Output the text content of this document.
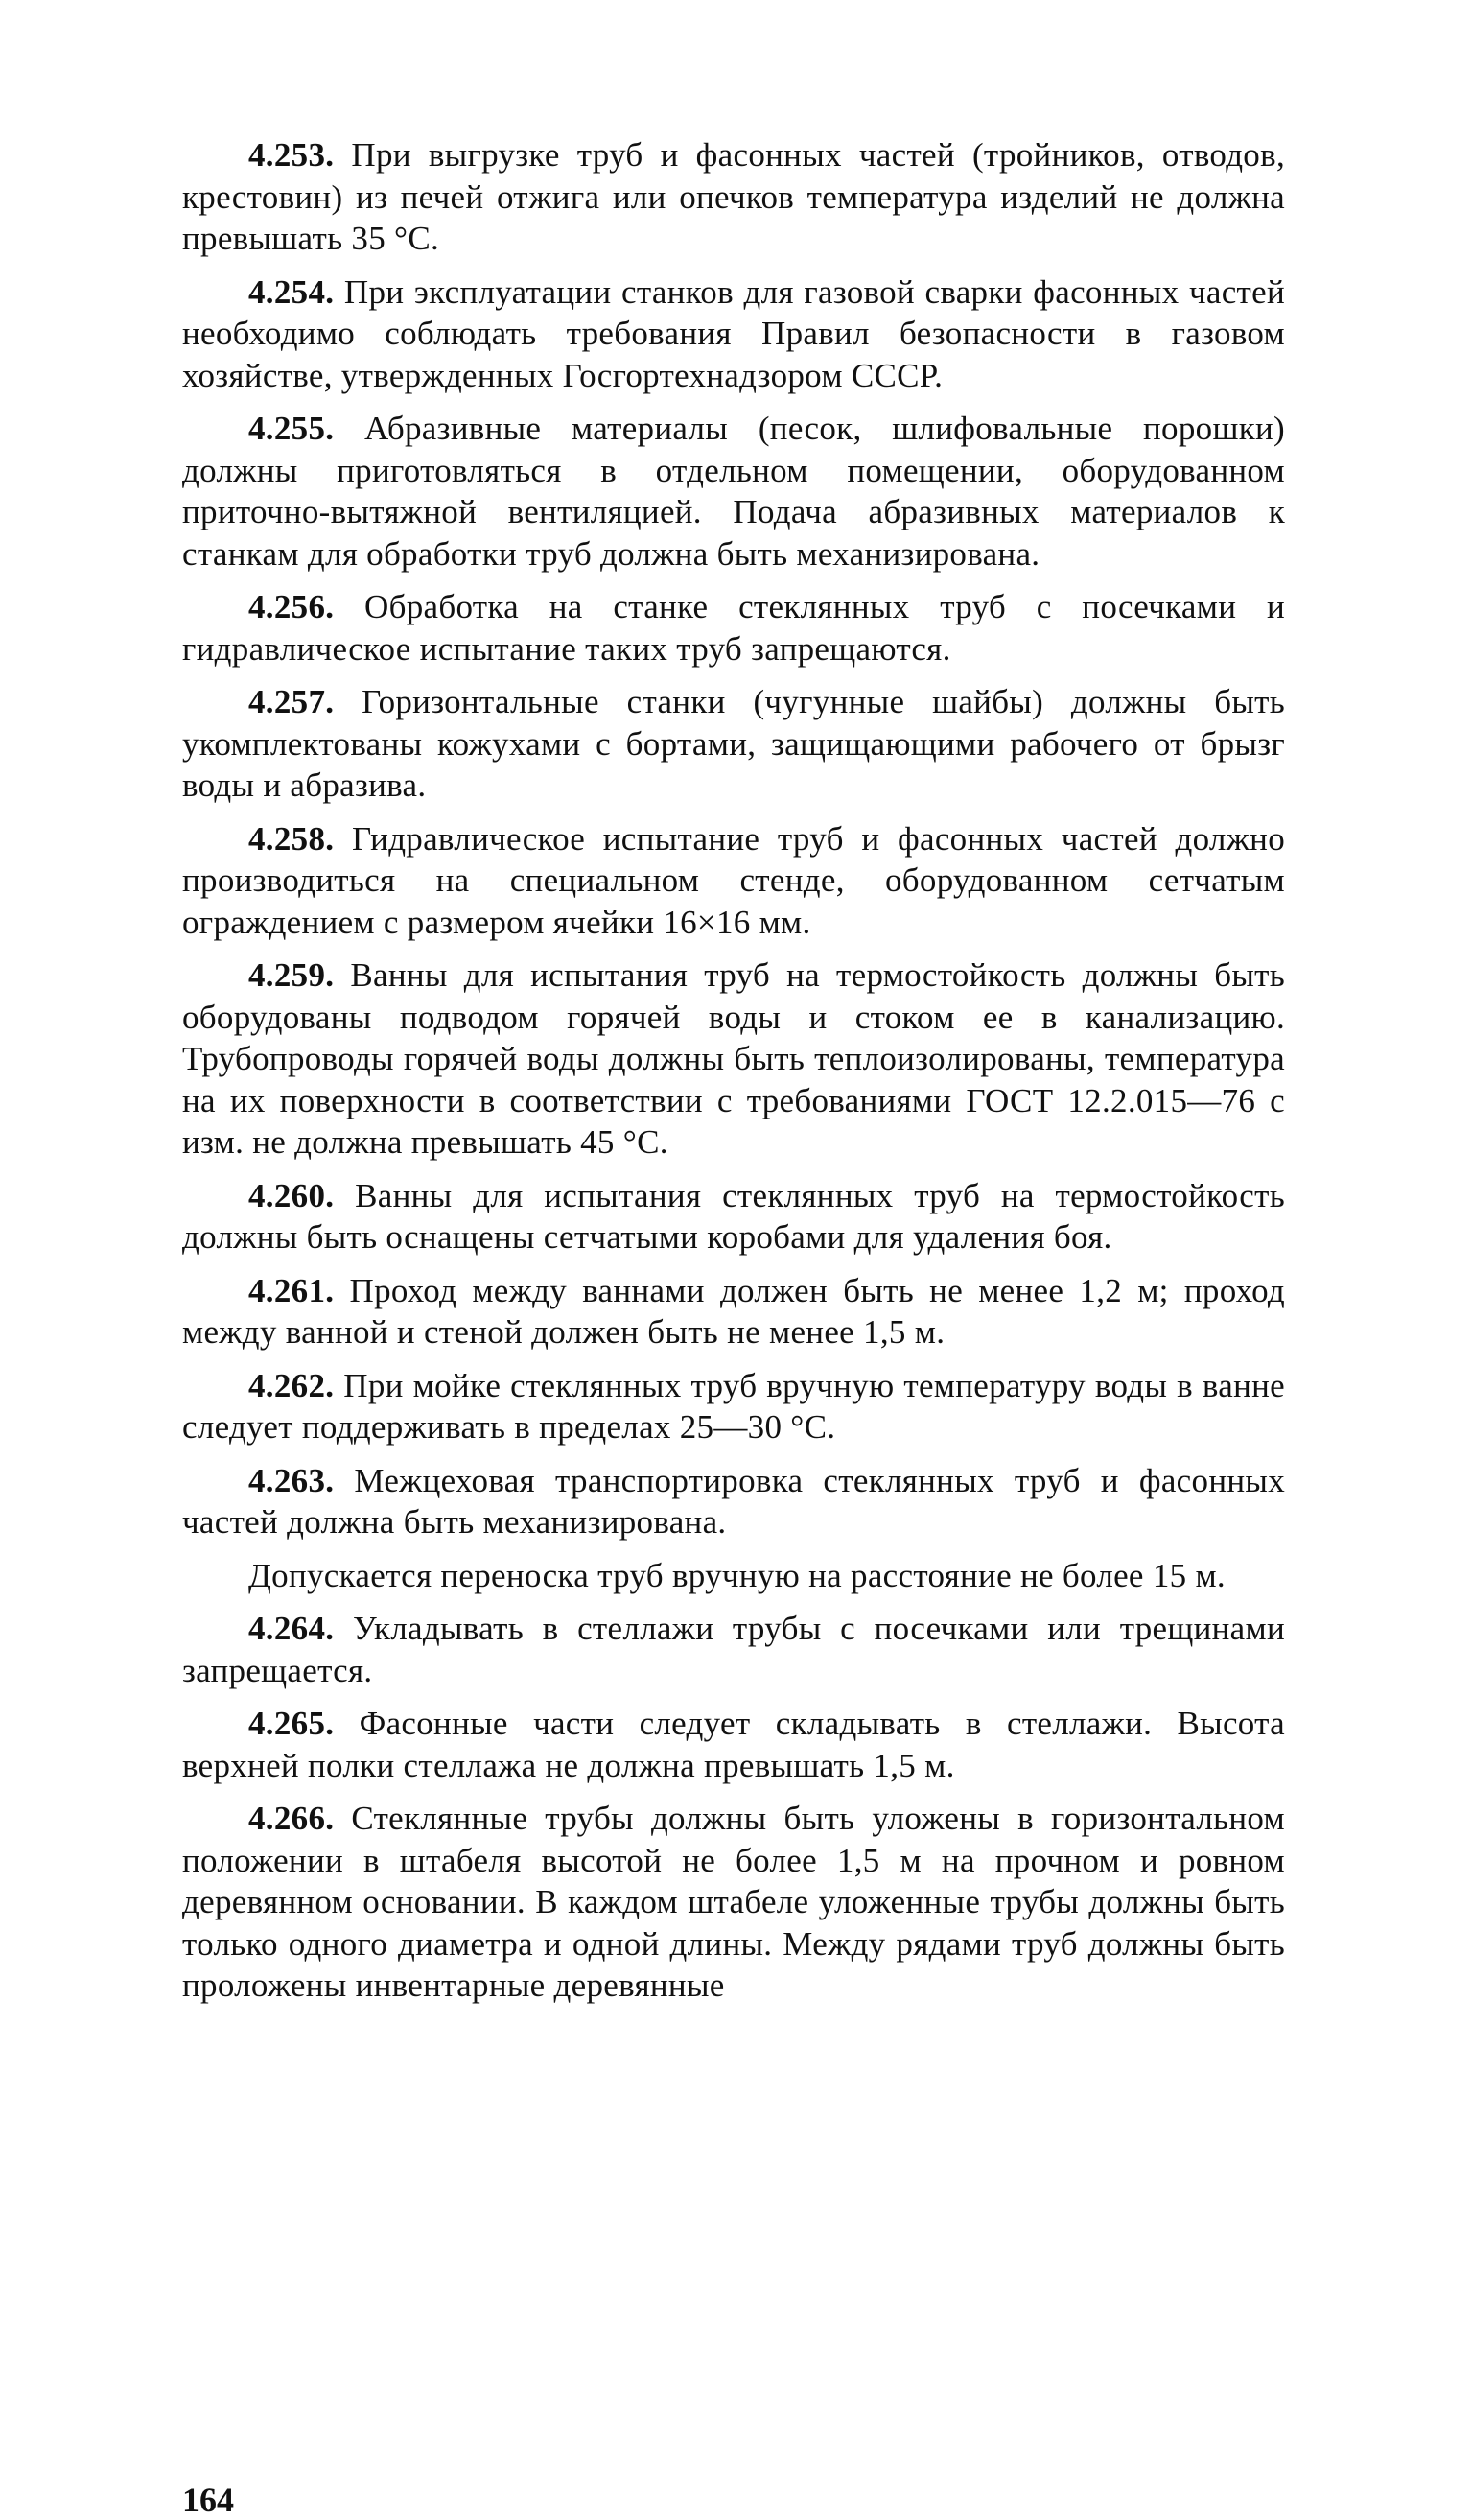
4.253. При выгрузке труб и фасонных частей (тройников, отводов, крестовин) из печей отжига или опечков температура изделий не должна превышать 35 °С.

4.254. При эксплуатации станков для газовой сварки фасонных частей необходимо соблюдать требования Правил безопасности в газовом хозяйстве, утвержденных Госгортехнадзором СССР.

4.255. Абразивные материалы (песок, шлифовальные порошки) должны приготовляться в отдельном помещении, оборудованном приточно-вытяжной вентиляцией. Подача абразивных материалов к станкам для обработки труб должна быть механизирована.

4.256. Обработка на станке стеклянных труб с посечками и гидравлическое испытание таких труб запрещаются.

4.257. Горизонтальные станки (чугунные шайбы) должны быть укомплектованы кожухами с бортами, защищающими рабочего от брызг воды и абразива.

4.258. Гидравлическое испытание труб и фасонных частей должно производиться на специальном стенде, оборудованном сетчатым ограждением с размером ячейки 16×16 мм.

4.259. Ванны для испытания труб на термостойкость должны быть оборудованы подводом горячей воды и стоком ее в канализацию. Трубопроводы горячей воды должны быть теплоизолированы, температура на их поверхности в соответствии с требованиями ГОСТ 12.2.015—76 с изм. не должна превышать 45 °С.

4.260. Ванны для испытания стеклянных труб на термостойкость должны быть оснащены сетчатыми коробами для удаления боя.

4.261. Проход между ваннами должен быть не менее 1,2 м; проход между ванной и стеной должен быть не менее 1,5 м.

4.262. При мойке стеклянных труб вручную температуру воды в ванне следует поддерживать в пределах 25—30 °С.

4.263. Межцеховая транспортировка стеклянных труб и фасонных частей должна быть механизирована.

Допускается переноска труб вручную на расстояние не более 15 м.

4.264. Укладывать в стеллажи трубы с посечками или трещинами запрещается.

4.265. Фасонные части следует складывать в стеллажи. Высота верхней полки стеллажа не должна превышать 1,5 м.

4.266. Стеклянные трубы должны быть уложены в горизонтальном положении в штабеля высотой не более 1,5 м на прочном и ровном деревянном основании. В каждом штабеле уложенные трубы должны быть только одного диаметра и одной длины. Между рядами труб должны быть проложены инвентарные деревянные

164
